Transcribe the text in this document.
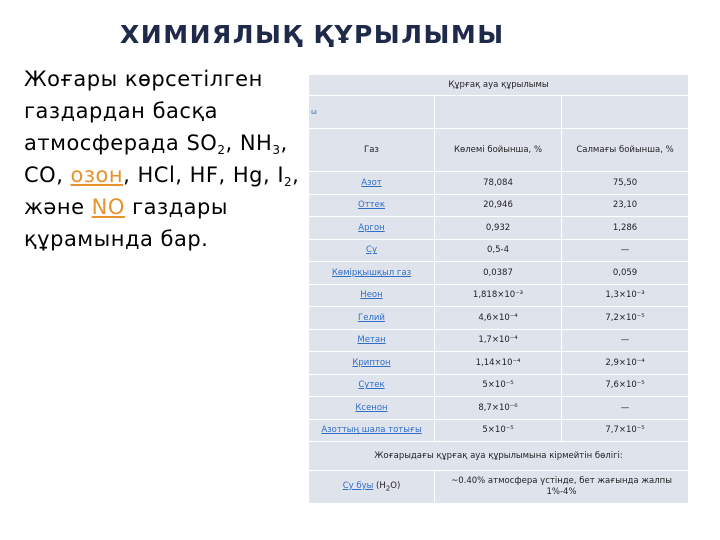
ХИМИЯЛЫҚ ҚҰРЫЛЫМЫ
Жоғары көрсетілген газдардан басқа атмосферада $SO_2$, $NH_3$, CO, озон, HCl, HF, Hg, $I_2$, және NO газдары құрамында бар.
Құрғақ ауа құрылымы		
ω		
Газ	Көлемі бойынша, %	Салмағы бойынша, %
Азот	78,084	75,50
Оттек	20,946	23,10
Аргон	0,932	1,286
Су	0,5-4	—
Көмірқышқыл газ	0,0387	0,059
Неон	1,818×10⁻³	1,3×10⁻³
Гелий	4,6×10⁻⁴	7,2×10⁻⁵
Метан	1,7×10⁻⁴	—
Криптон	1,14×10⁻⁴	2,9×10⁻⁴
Сутек	5×10⁻⁵	7,6×10⁻⁵
Ксенон	8,7×10⁻⁶	—
Азоттың шала тотығы	5×10⁻⁵	7,7×10⁻⁵
Жоғарыдағы құрғақ ауа құрылымына кірмейтін бөлігі:		
Су буы $(H_2O)$	~0.40% атмосфера үстінде, бет жағында жалпы 1%-4%	
